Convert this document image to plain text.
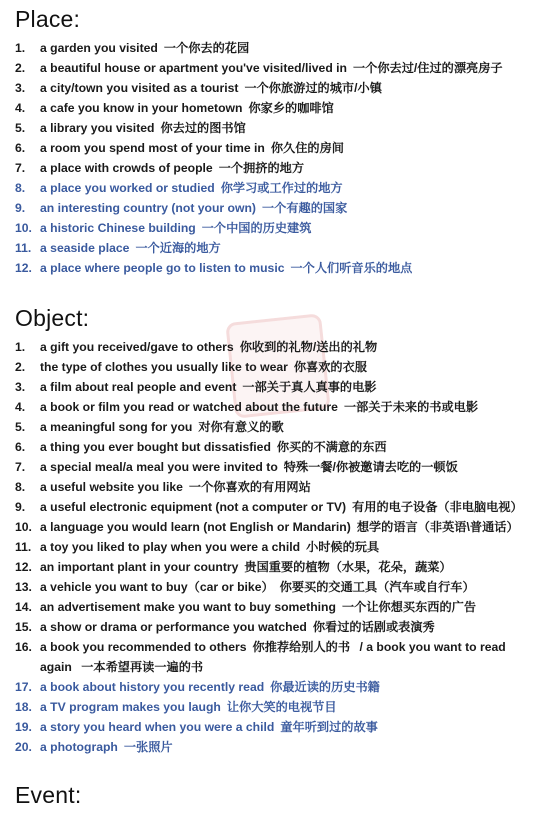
Place:
1.	a garden you visited 一个你去的花园
2.	a beautiful house or apartment you've visited/lived in 一个你去过/住过的漂亮房子
3.	a city/town you visited as a tourist 一个你旅游过的城市/小镇
4.	a cafe you know in your hometown 你家乡的咖啡馆
5.	a library you visited 你去过的图书馆
6.	a room you spend most of your time in 你久住的房间
7.	a place with crowds of people 一个拥挤的地方
8.	a place you worked or studied 你学习或工作过的地方
9.	an interesting country (not your own) 一个有趣的国家
10. a historic Chinese building 一个中国的历史建筑
11. a seaside place 一个近海的地方
12. a place where people go to listen to music 一个人们听音乐的地点
Object:
1.	a gift you received/gave to others 你收到的礼物/送出的礼物
2.	the type of clothes you usually like to wear 你喜欢的衣服
3.	a film about real people and event 一部关于真人真事的电影
4.	a book or film you read or watched about the future 一部关于未来的书或电影
5.	a meaningful song for you 对你有意义的歌
6.	a thing you ever bought but dissatisfied 你买的不满意的东西
7.	a special meal/a meal you were invited to 特殊一餐/你被邀请去吃的一顿饭
8.	a useful website you like 一个你喜欢的有用网站
9.	a useful electronic equipment (not a computer or TV) 有用的电子设备（非电脑电视）
10. a language you would learn (not English or Mandarin) 想学的语言（非英语\普通话）
11. a toy you liked to play when you were a child 小时候的玩具
12. an important plant in your country 贵国重要的植物（水果，花朵，蔬菜）
13. a vehicle you want to buy（car or bike） 你要买的交通工具（汽车或自行车）
14. an advertisement make you want to buy something 一个让你想买东西的广告
15. a show or drama or performance you watched 你看过的话剧或表演秀
16. a book you recommended to others 你推荐给别人的书 / a book you want to read again 一本希望再读一遍的书
17. a book about history you recently read 你最近读的历史书籍
18. a TV program makes you laugh 让你大笑的电视节目
19. a story you heard when you were a child 童年听到过的故事
20. a photograph 一张照片
Event:
